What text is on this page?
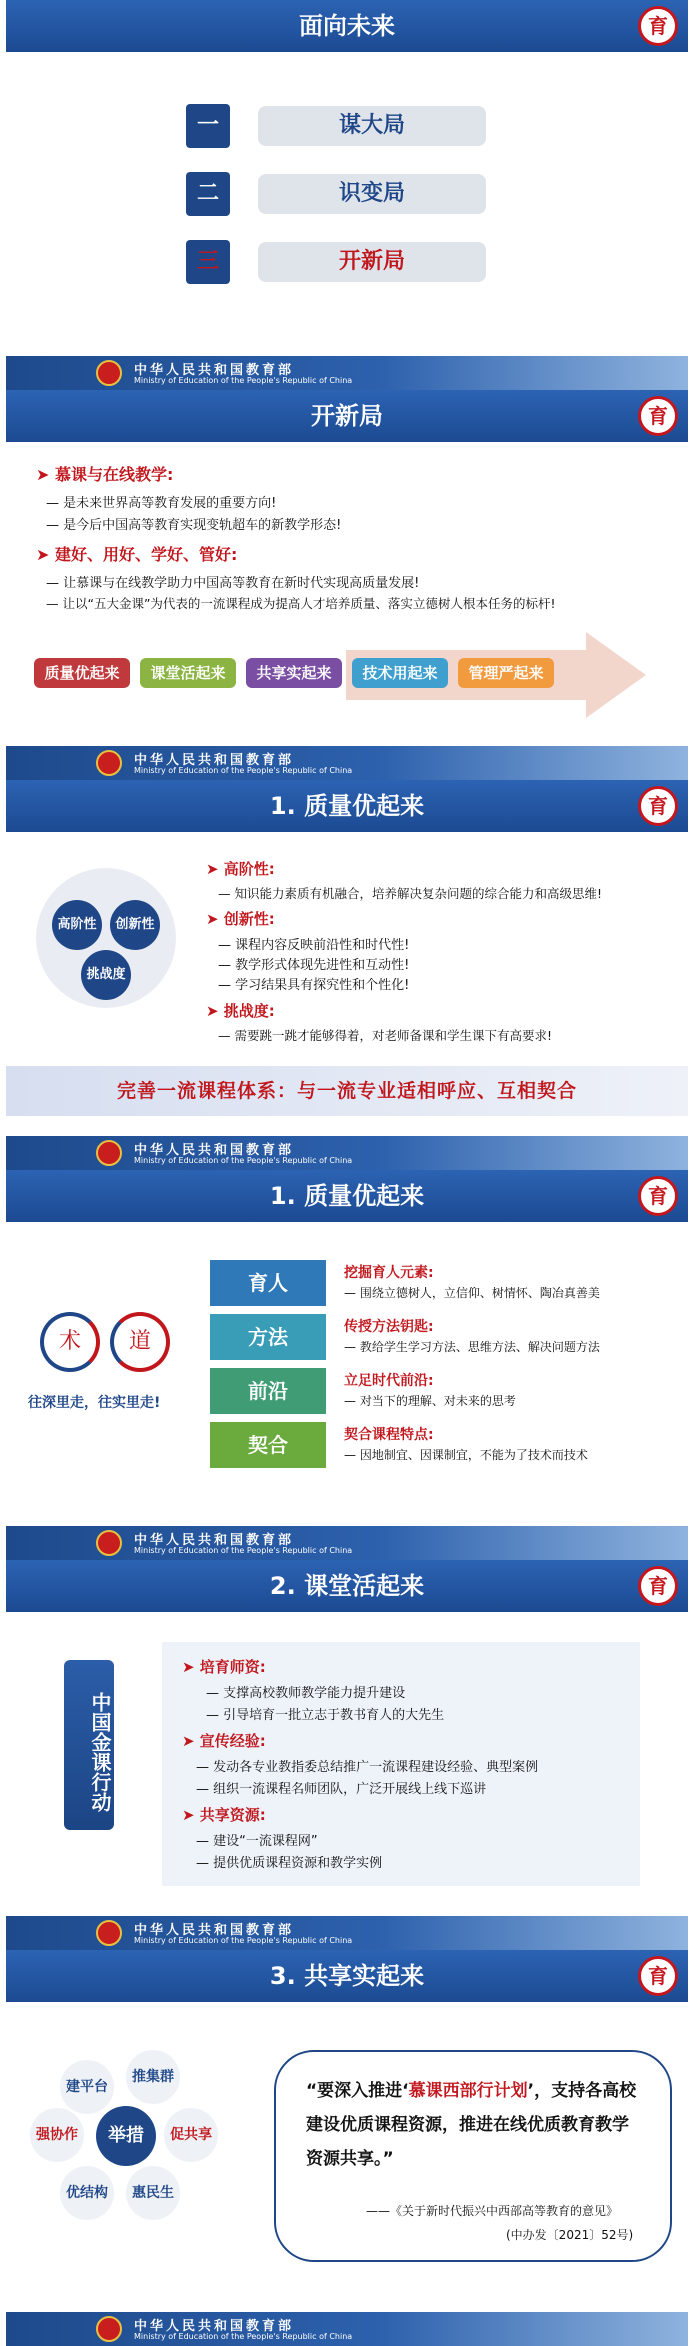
面向未来	育
一	谋大局
二	识变局
三	开新局
中华人民共和国教育部
Ministry of Education of the People's Republic of China
开新局	育
➤ 慕课与在线教学:
— 是未来世界高等教育发展的重要方向!
— 是今后中国高等教育实现变轨超车的新教学形态!
➤ 建好、用好、学好、管好:
— 让慕课与在线教学助力中国高等教育在新时代实现高质量发展!
— 让以“五大金课”为代表的一流课程成为提高人才培养质量、落实立德树人根本任务的标杆!
质量优起来	课堂活起来	共享实起来	技术用起来	管理严起来
中华人民共和国教育部
Ministry of Education of the People's Republic of China
1. 质量优起来	育
高阶性	创新性
挑战度
➤ 高阶性:
— 知识能力素质有机融合，培养解决复杂问题的综合能力和高级思维!
➤ 创新性:
— 课程内容反映前沿性和时代性!
— 教学形式体现先进性和互动性!
— 学习结果具有探究性和个性化!
➤ 挑战度:
— 需要跳一跳才能够得着，对老师备课和学生课下有高要求!
完善一流课程体系：与一流专业适相呼应、互相契合
中华人民共和国教育部
Ministry of Education of the People's Republic of China
1. 质量优起来	育
术	道
往深里走，往实里走!
育人
方法
前沿
契合
挖掘育人元素:
— 围绕立德树人，立信仰、树情怀、陶冶真善美
传授方法钥匙:
— 教给学生学习方法、思维方法、解决问题方法
立足时代前沿:
— 对当下的理解、对未来的思考
契合课程特点:
— 因地制宜、因课制宜，不能为了技术而技术
中华人民共和国教育部
Ministry of Education of the People's Republic of China
2. 课堂活起来	育
中国金课行动
➤ 培育师资:
— 支撑高校教师教学能力提升建设
— 引导培育一批立志于教书育人的大先生
➤ 宣传经验:
— 发动各专业教指委总结推广一流课程建设经验、典型案例
— 组织一流课程名师团队，广泛开展线上线下巡讲
➤ 共享资源:
— 建设“一流课程网”
— 提供优质课程资源和教学实例
中华人民共和国教育部
Ministry of Education of the People's Republic of China
3. 共享实起来	育
建平台
推集群
促共享
惠民生
优结构
强协作	举措
“要深入推进‘慕课西部行计划’，支持各高校建设优质课程资源，推进在线优质教育教学资源共享。”
——《关于新时代振兴中西部高等教育的意见》
(中办发〔2021〕52号)
中华人民共和国教育部
Ministry of Education of the People's Republic of China
